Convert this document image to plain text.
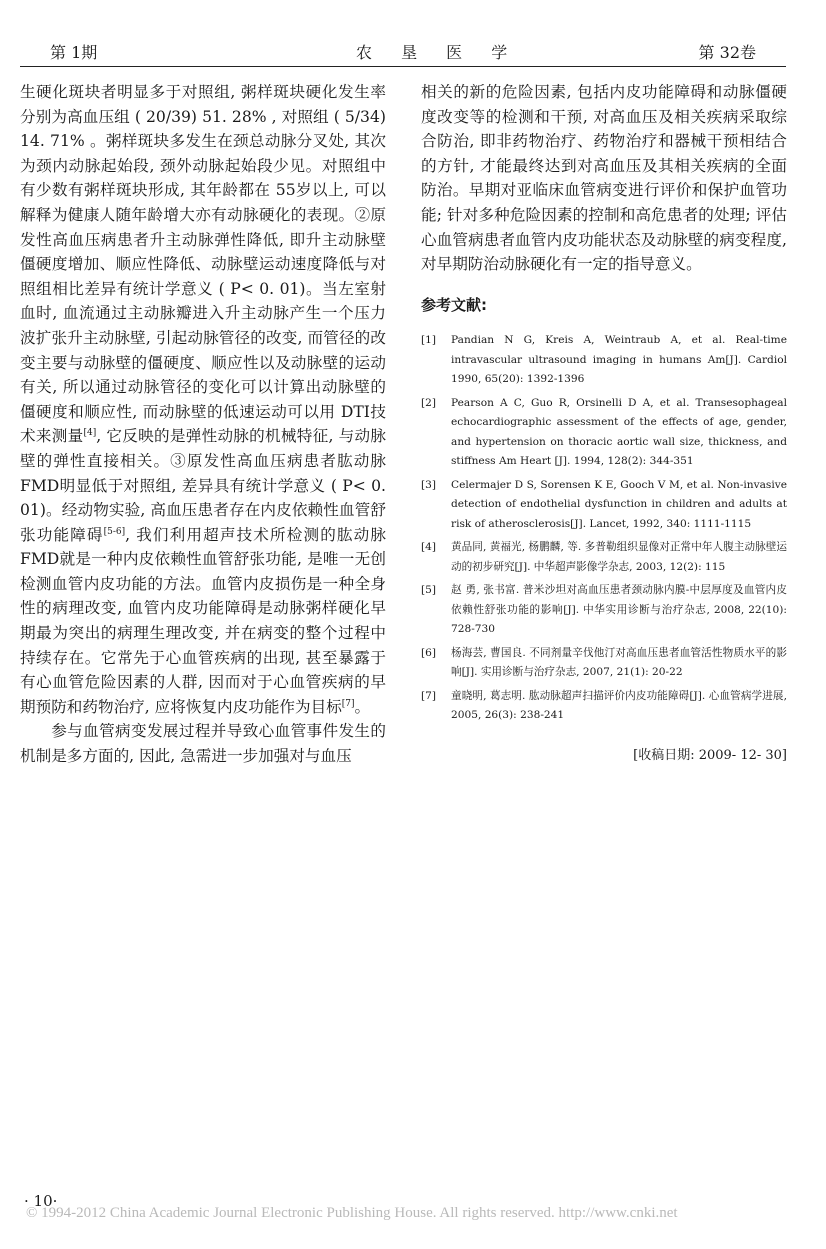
第 1期	农 垦 医 学	第 32卷

生硬化斑块者明显多于对照组, 粥样斑块硬化发生率分别为高血压组 ( 20/39) 51. 28% , 对照组 ( 5/34) 14. 71% 。粥样斑块多发生在颈总动脉分叉处, 其次为颈内动脉起始段, 颈外动脉起始段少见。对照组中有少数有粥样斑块形成, 其年龄都在 55岁以上, 可以解释为健康人随年龄增大亦有动脉硬化的表现。②原发性高血压病患者升主动脉弹性降低, 即升主动脉壁僵硬度增加、顺应性降低、动脉壁运动速度降低与对照组相比差异有统计学意义 ( P< 0. 01)。当左室射血时, 血流通过主动脉瓣进入升主动脉产生一个压力波扩张升主动脉壁, 引起动脉管径的改变, 而管径的改变主要与动脉壁的僵硬度、顺应性以及动脉壁的运动有关, 所以通过动脉管径的变化可以计算出动脉壁的僵硬度和顺应性, 而动脉壁的低速运动可以用 DTI技术来测量[4], 它反映的是弹性动脉的机械特征, 与动脉壁的弹性直接相关。③原发性高血压病患者肱动脉 FMD明显低于对照组, 差异具有统计学意义 ( P< 0. 01)。经动物实验, 高血压患者存在内皮依赖性血管舒张功能障碍[5-6], 我们利用超声技术所检测的肱动脉 FMD就是一种内皮依赖性血管舒张功能, 是唯一无创检测血管内皮功能的方法。血管内皮损伤是一种全身性的病理改变, 血管内皮功能障碍是动脉粥样硬化早期最为突出的病理生理改变, 并在病变的整个过程中持续存在。它常先于心血管疾病的出现, 甚至暴露于有心血管危险因素的人群, 因而对于心血管疾病的早期预防和药物治疗, 应将恢复内皮功能作为目标[7]。

参与血管病变发展过程并导致心血管事件发生的机制是多方面的, 因此, 急需进一步加强对与血压

相关的新的危险因素, 包括内皮功能障碍和动脉僵硬度改变等的检测和干预, 对高血压及相关疾病采取综合防治, 即非药物治疗、药物治疗和器械干预相结合的方针, 才能最终达到对高血压及其相关疾病的全面防治。早期对亚临床血管病变进行评价和保护血管功能; 针对多种危险因素的控制和高危患者的处理; 评估心血管病患者血管内皮功能状态及动脉壁的病变程度, 对早期防治动脉硬化有一定的指导意义。

参考文献:
[1] Pandian N G, Kreis A, Weintraub A, et al. Real-time intravascular ultrasound imaging in humans Am[J]. Cardiol 1990, 65(20): 1392-1396
[2] Pearson A C, Guo R, Orsinelli D A, et al. Transesophageal echocardiographic assessment of the effects of age, gender, and hypertension on thoracic aortic wall size, thickness, and stiffness Am Heart [J]. 1994, 128(2): 344-351
[3] Celermajer D S, Sorensen K E, Gooch V M, et al. Non-invasive detection of endothelial dysfunction in children and adults at risk of atherosclerosis[J]. Lancet, 1992, 340: 1111-1115
[4] 黄品同, 黄福光, 杨鹏麟, 等. 多普勒组织显像对正常中年人腹主动脉壁运动的初步研究[J]. 中华超声影像学杂志, 2003, 12(2): 115
[5] 赵 勇, 张书富. 普米沙坦对高血压患者颈动脉内膜-中层厚度及血管内皮依赖性舒张功能的影响[J]. 中华实用诊断与治疗杂志, 2008, 22(10): 728-730
[6] 杨海芸, 曹国良. 不同剂量辛伐他汀对高血压患者血管活性物质水平的影响[J]. 实用诊断与治疗杂志, 2007, 21(1): 20-22
[7] 童晓明, 葛志明. 肱动脉超声扫描评价内皮功能障碍[J]. 心血管病学进展, 2005, 26(3): 238-241
[收稿日期: 2009- 12- 30]
· 10·
© 1994-2012 China Academic Journal Electronic Publishing House. All rights reserved. http://www.cnki.net
